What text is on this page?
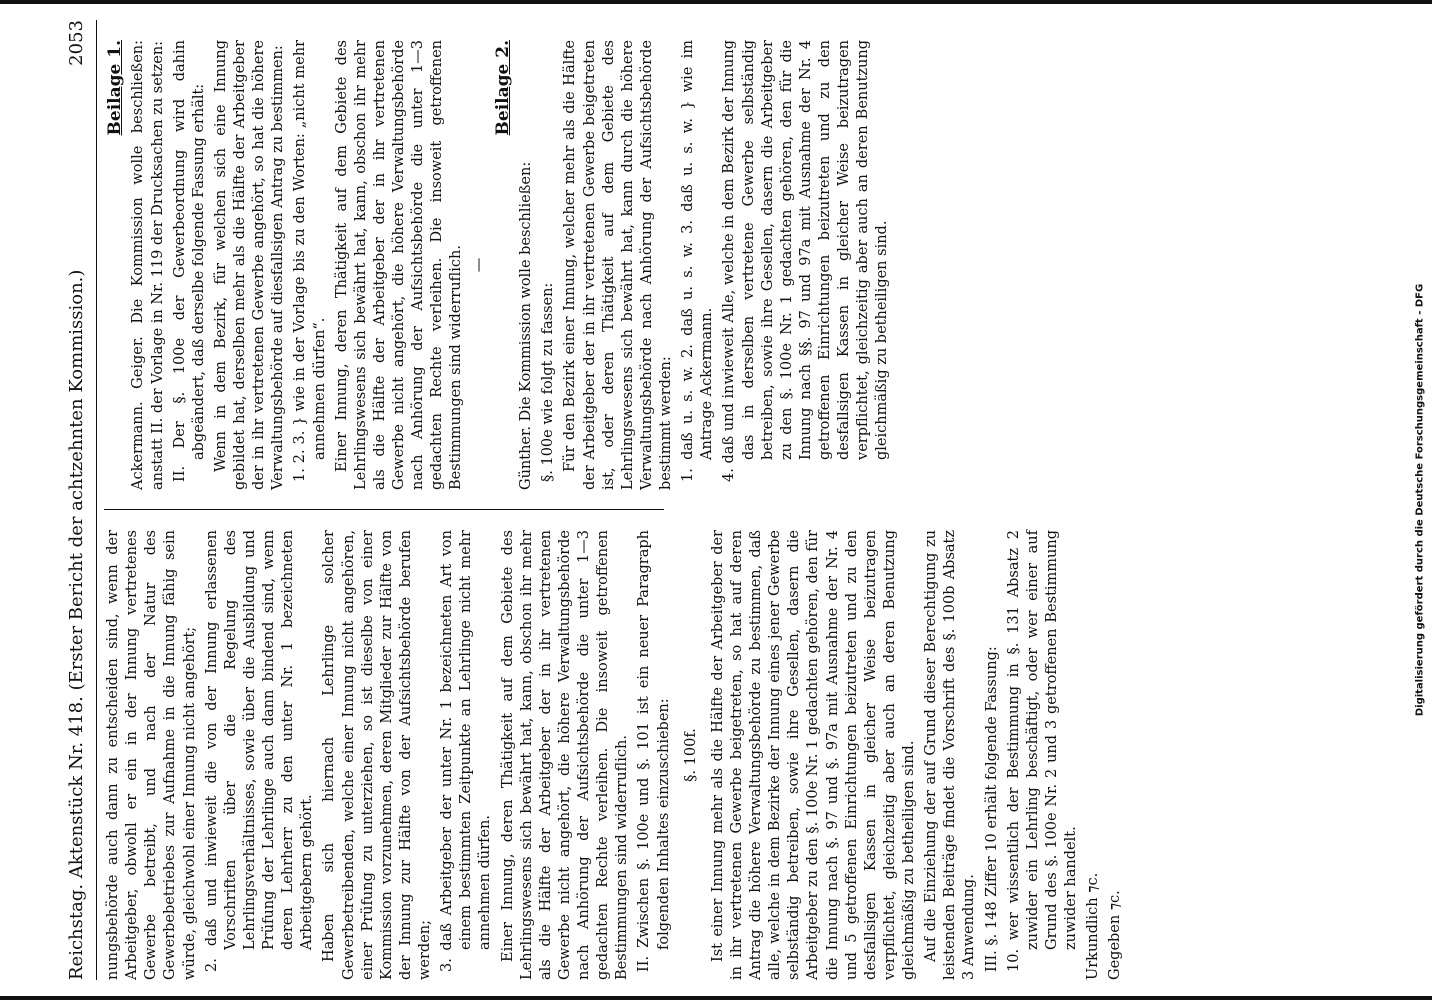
Reichstag. Aktenstück Nr. 418. (Erster Bericht der achtzehnten Kommission.)
2053

nungsbehörde auch dann zu entscheiden sind, wenn der Arbeitgeber, obwohl er ein in der Innung vertretenes Gewerbe betreibt, und nach der Natur des Gewerbebetriebes zur Aufnahme in die Innung fähig sein würde, gleichwohl einer Innung nicht angehört; 2. daß und inwieweit die von der Innung erlassenen Vorschriften über die Regelung des Lehrlingsverhältnisses, sowie über die Ausbildung und Prüfung der Lehrlinge auch dann bindend sind, wenn deren Lehrherr zu den unter Nr. 1 bezeichneten Arbeitgebern gehört. Haben sich hiernach Lehrlinge solcher Gewerbetreibenden, welche einer Innung nicht angehören, einer Prüfung zu unterziehen, so ist dieselbe von einer Kommission vorzunehmen, deren Mitglieder zur Hälfte von der Innung zur Hälfte von der Aufsichtsbehörde berufen werden; 3. daß Arbeitgeber der unter Nr. 1 bezeichneten Art von einem bestimmten Zeitpunkte an Lehrlinge nicht mehr annehmen dürfen. Einer Innung, deren Thätigkeit auf dem Gebiete des Lehrlingswesens sich bewährt hat, kann, obschon ihr mehr als die Hälfte der Arbeitgeber der in ihr vertretenen Gewerbe nicht angehört, die höhere Verwaltungsbehörde nach Anhörung der Aufsichtsbehörde die unter 1—3 gedachten Rechte verleihen. Die insoweit getroffenen Bestimmungen sind widerruflich. II. Zwischen §. 100e und §. 101 ist ein neuer Paragraph folgenden Inhaltes einzuschieben: §. 100f. Ist einer Innung mehr als die Hälfte der Arbeitgeber der in ihr vertretenen Gewerbe beigetreten, so hat auf deren Antrag die höhere Verwaltungsbehörde zu bestimmen, daß alle, welche in dem Bezirke der Innung eines jener Gewerbe selbständig betreiben, sowie ihre Gesellen, dasern die Arbeitgeber zu den §. 100e Nr. 1 gedachten gehören, den für die Innung nach §. 97 und §. 97a mit Ausnahme der Nr. 4 und 5 getroffenen Einrichtungen beizutreten und zu den desfallsigen Kassen in gleicher Weise beizutragen verpflichtet, gleichzeitig aber auch an deren Benutzung gleichmäßig zu betheiligen sind. Auf die Einziehung der auf Grund dieser Berechtigung zu leistenden Beiträge findet die Vorschrift des §. 100b Absatz 3 Anwendung. III. §. 148 Ziffer 10 erhält folgende Fassung: 10. wer wissentlich der Bestimmung in §. 131 Absatz 2 zuwider ein Lehrling beschäftigt, oder wer einer auf Grund des §. 100e Nr. 2 und 3 getroffenen Bestimmung zuwider handelt. Urkundlich ⁊c. Gegeben ⁊c.

Beilage 1. Ackermann. Geiger. Die Kommission wolle beschließen: anstatt II. der Vorlage in Nr. 119 der Drucksachen zu setzen: II. Der §. 100e der Gewerbeordnung wird dahin abgeändert, daß derselbe folgende Fassung erhält: Wenn in dem Bezirk, für welchen sich eine Innung gebildet hat, derselben mehr als die Hälfte der Arbeitgeber der in ihr vertretenen Gewerbe angehört, so hat die höhere Verwaltungsbehörde auf diesfallsigen Antrag zu bestimmen: 1. 2. 3. } wie in der Vorlage bis zu den Worten: „nicht mehr annehmen dürfen“. Einer Innung, deren Thätigkeit auf dem Gebiete des Lehrlingswesens sich bewährt hat, kann, obschon ihr mehr als die Hälfte der Arbeitgeber der in ihr vertretenen Gewerbe nicht angehört, die höhere Verwaltungsbehörde nach Anhörung der Aufsichtsbehörde die unter 1—3 gedachten Rechte verleihen. Die insoweit getroffenen Bestimmungen sind widerruflich. —

Beilage 2.

Günther. Die Kommission wolle beschließen: §. 100e wie folgt zu fassen: Für den Bezirk einer Innung, welcher mehr als die Hälfte der Arbeitgeber der in ihr vertretenen Gewerbe beigetreten ist, oder deren Thätigkeit auf dem Gebiete des Lehrlingswesens sich bewährt hat, kann durch die höhere Verwaltungsbehörde nach Anhörung der Aufsichtsbehörde bestimmt werden: 1. daß u. s. w. 2. daß u. s. w. 3. daß u. s. w. } wie im Antrage Ackermann. 4. daß und inwieweit Alle, welche in dem Bezirk der Innung das in derselben vertretene Gewerbe selbständig betreiben, sowie ihre Gesellen, dasern die Arbeitgeber zu den §. 100e Nr. 1 gedachten gehören, den für die Innung nach §§. 97 und 97a mit Ausnahme der Nr. 4 getroffenen Einrichtungen beizutreten und zu den desfallsigen Kassen in gleicher Weise beizutragen verpflichtet, gleichzeitig aber auch an deren Benutzung gleichmäßig zu betheiligen sind.	Digitalisierung gefördert durch die Deutsche Forschungsgemeinschaft - DFG
